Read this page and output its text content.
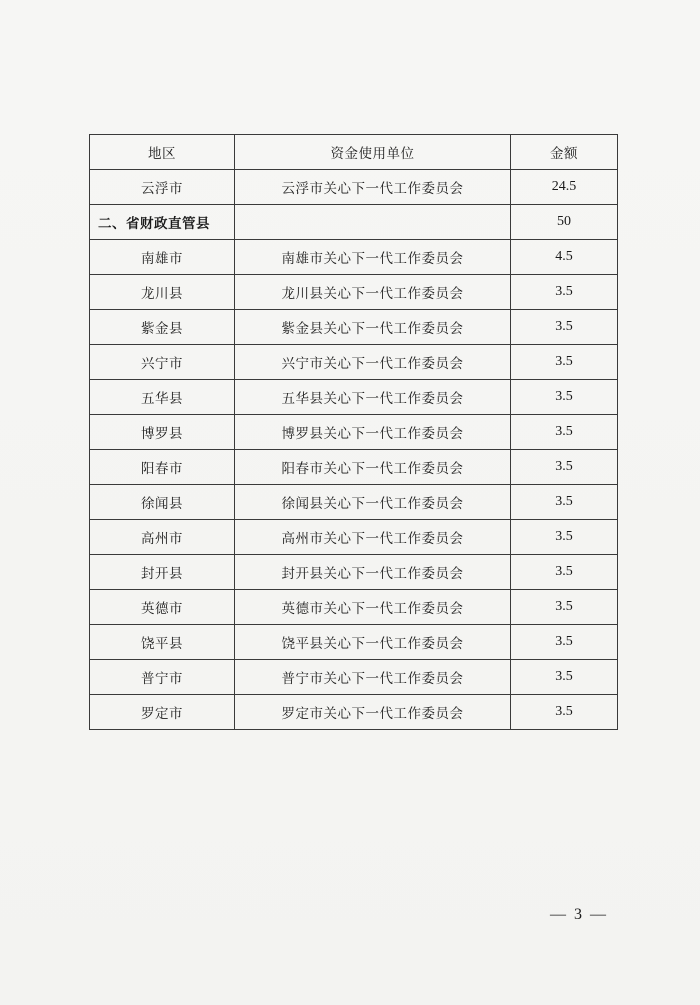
地区	资金使用单位	金额
云浮市	云浮市关心下一代工作委员会	24.5
二、省财政直管县		50
南雄市	南雄市关心下一代工作委员会	4.5
龙川县	龙川县关心下一代工作委员会	3.5
紫金县	紫金县关心下一代工作委员会	3.5
兴宁市	兴宁市关心下一代工作委员会	3.5
五华县	五华县关心下一代工作委员会	3.5
博罗县	博罗县关心下一代工作委员会	3.5
阳春市	阳春市关心下一代工作委员会	3.5
徐闻县	徐闻县关心下一代工作委员会	3.5
高州市	高州市关心下一代工作委员会	3.5
封开县	封开县关心下一代工作委员会	3.5
英德市	英德市关心下一代工作委员会	3.5
饶平县	饶平县关心下一代工作委员会	3.5
普宁市	普宁市关心下一代工作委员会	3.5
罗定市	罗定市关心下一代工作委员会	3.5
— 3 —
